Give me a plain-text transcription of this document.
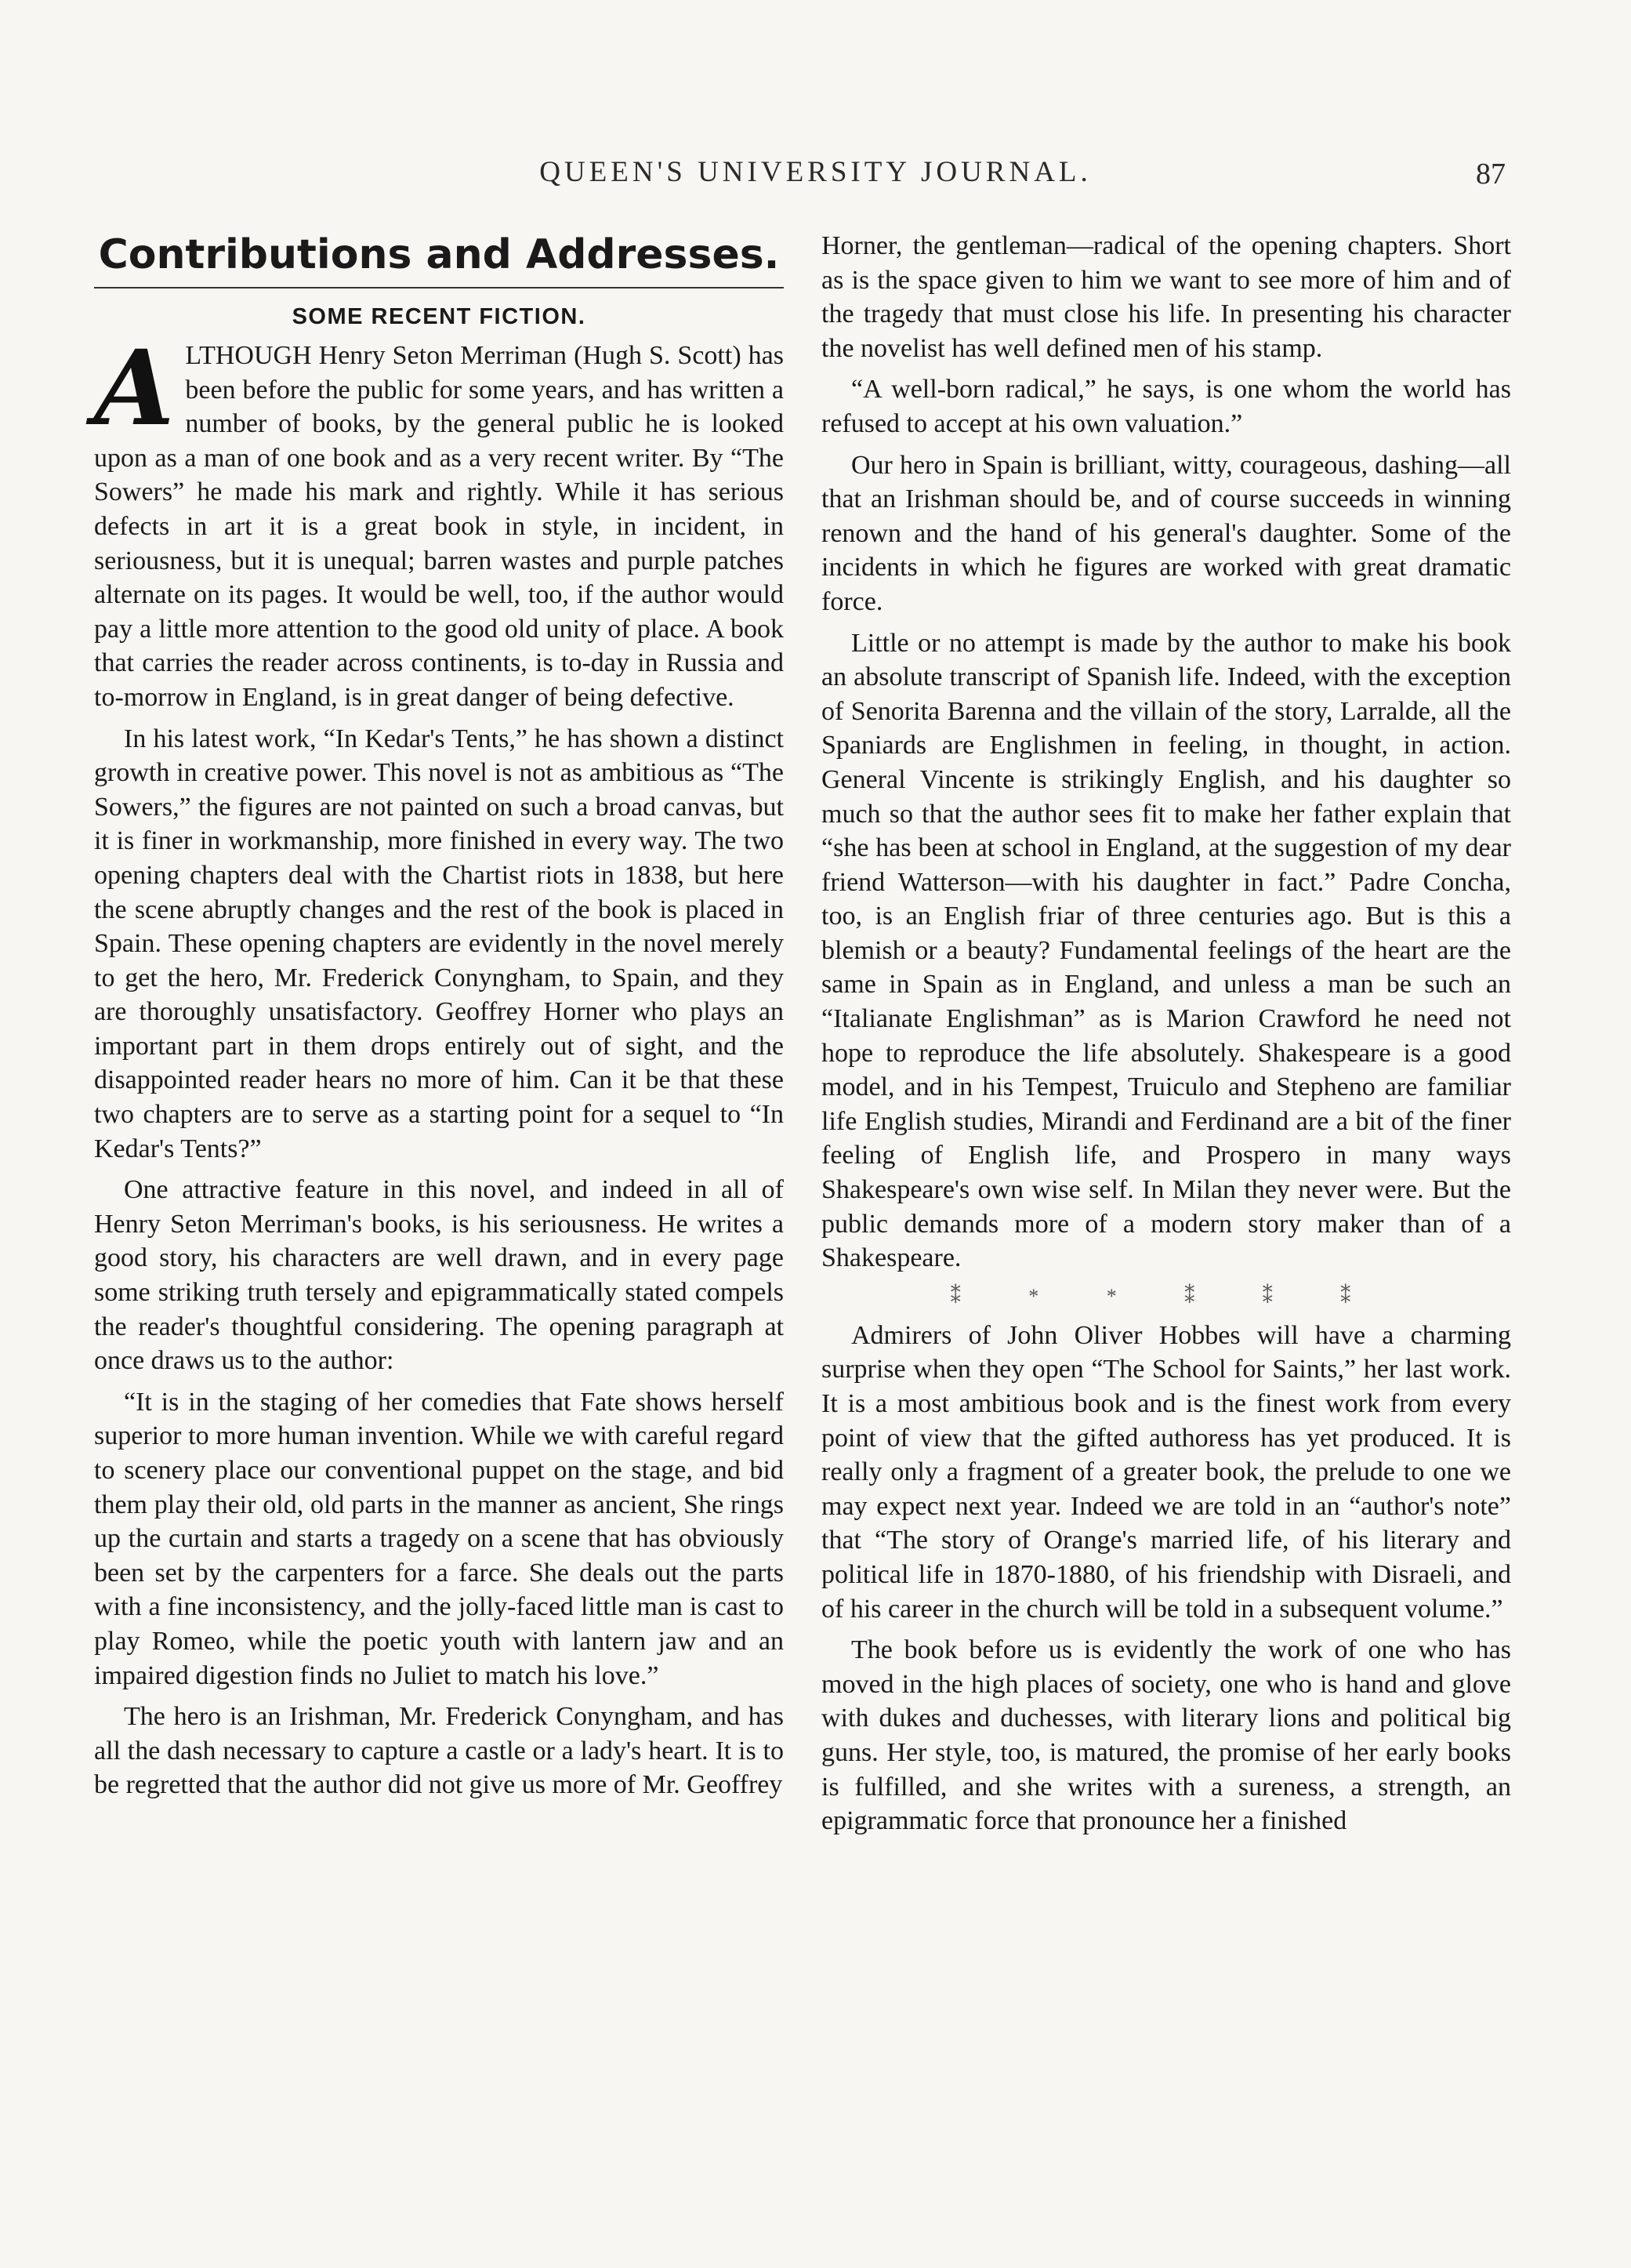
QUEEN'S UNIVERSITY JOURNAL.	87
Contributions and Addresses.
SOME RECENT FICTION.

ALTHOUGH Henry Seton Merriman (Hugh S. Scott) has been before the public for some years, and has written a number of books, by the general public he is looked upon as a man of one book and as a very recent writer. By “The Sowers” he made his mark and rightly. While it has serious defects in art it is a great book in style, in incident, in seriousness, but it is unequal; barren wastes and purple patches alternate on its pages. It would be well, too, if the author would pay a little more attention to the good old unity of place. A book that carries the reader across continents, is to-day in Russia and to-morrow in England, is in great danger of being defective.

In his latest work, “In Kedar's Tents,” he has shown a distinct growth in creative power. This novel is not as ambitious as “The Sowers,” the figures are not painted on such a broad canvas, but it is finer in workmanship, more finished in every way. The two opening chapters deal with the Chartist riots in 1838, but here the scene abruptly changes and the rest of the book is placed in Spain. These opening chapters are evidently in the novel merely to get the hero, Mr. Frederick Conyngham, to Spain, and they are thoroughly unsatisfactory. Geoffrey Horner who plays an important part in them drops entirely out of sight, and the disappointed reader hears no more of him. Can it be that these two chapters are to serve as a starting point for a sequel to “In Kedar's Tents?”

One attractive feature in this novel, and indeed in all of Henry Seton Merriman's books, is his seriousness. He writes a good story, his characters are well drawn, and in every page some striking truth tersely and epigrammatically stated compels the reader's thoughtful considering. The opening paragraph at once draws us to the author:

“It is in the staging of her comedies that Fate shows herself superior to more human invention. While we with careful regard to scenery place our conventional puppet on the stage, and bid them play their old, old parts in the manner as ancient, She rings up the curtain and starts a tragedy on a scene that has obviously been set by the carpenters for a farce. She deals out the parts with a fine inconsistency, and the jolly-faced little man is cast to play Romeo, while the poetic youth with lantern jaw and an impaired digestion finds no Juliet to match his love.”

The hero is an Irishman, Mr. Frederick Conyngham, and has all the dash necessary to capture a castle or a lady's heart. It is to be regretted that the author did not give us more of Mr. Geoffrey

Horner, the gentleman—radical of the opening chapters. Short as is the space given to him we want to see more of him and of the tragedy that must close his life. In presenting his character the novelist has well defined men of his stamp.

“A well-born radical,” he says, is one whom the world has refused to accept at his own valuation.”

Our hero in Spain is brilliant, witty, courageous, dashing—all that an Irishman should be, and of course succeeds in winning renown and the hand of his general's daughter. Some of the incidents in which he figures are worked with great dramatic force.

Little or no attempt is made by the author to make his book an absolute transcript of Spanish life. Indeed, with the exception of Senorita Barenna and the villain of the story, Larralde, all the Spaniards are Englishmen in feeling, in thought, in action. General Vincente is strikingly English, and his daughter so much so that the author sees fit to make her father explain that “she has been at school in England, at the suggestion of my dear friend Watterson—with his daughter in fact.” Padre Concha, too, is an English friar of three centuries ago. But is this a blemish or a beauty? Fundamental feelings of the heart are the same in Spain as in England, and unless a man be such an “Italianate Englishman” as is Marion Crawford he need not hope to reproduce the life absolutely. Shakespeare is a good model, and in his Tempest, Truiculo and Stepheno are familiar life English studies, Mirandi and Ferdinand are a bit of the finer feeling of English life, and Prospero in many ways Shakespeare's own wise self. In Milan they never were. But the public demands more of a modern story maker than of a Shakespeare.

⁑ * * ⁑ ⁑ ⁑

Admirers of John Oliver Hobbes will have a charming surprise when they open “The School for Saints,” her last work. It is a most ambitious book and is the finest work from every point of view that the gifted authoress has yet produced. It is really only a fragment of a greater book, the prelude to one we may expect next year. Indeed we are told in an “author's note” that “The story of Orange's married life, of his literary and political life in 1870-1880, of his friendship with Disraeli, and of his career in the church will be told in a subsequent volume.”

The book before us is evidently the work of one who has moved in the high places of society, one who is hand and glove with dukes and duchesses, with literary lions and political big guns. Her style, too, is matured, the promise of her early books is fulfilled, and she writes with a sureness, a strength, an epigrammatic force that pronounce her a finished
